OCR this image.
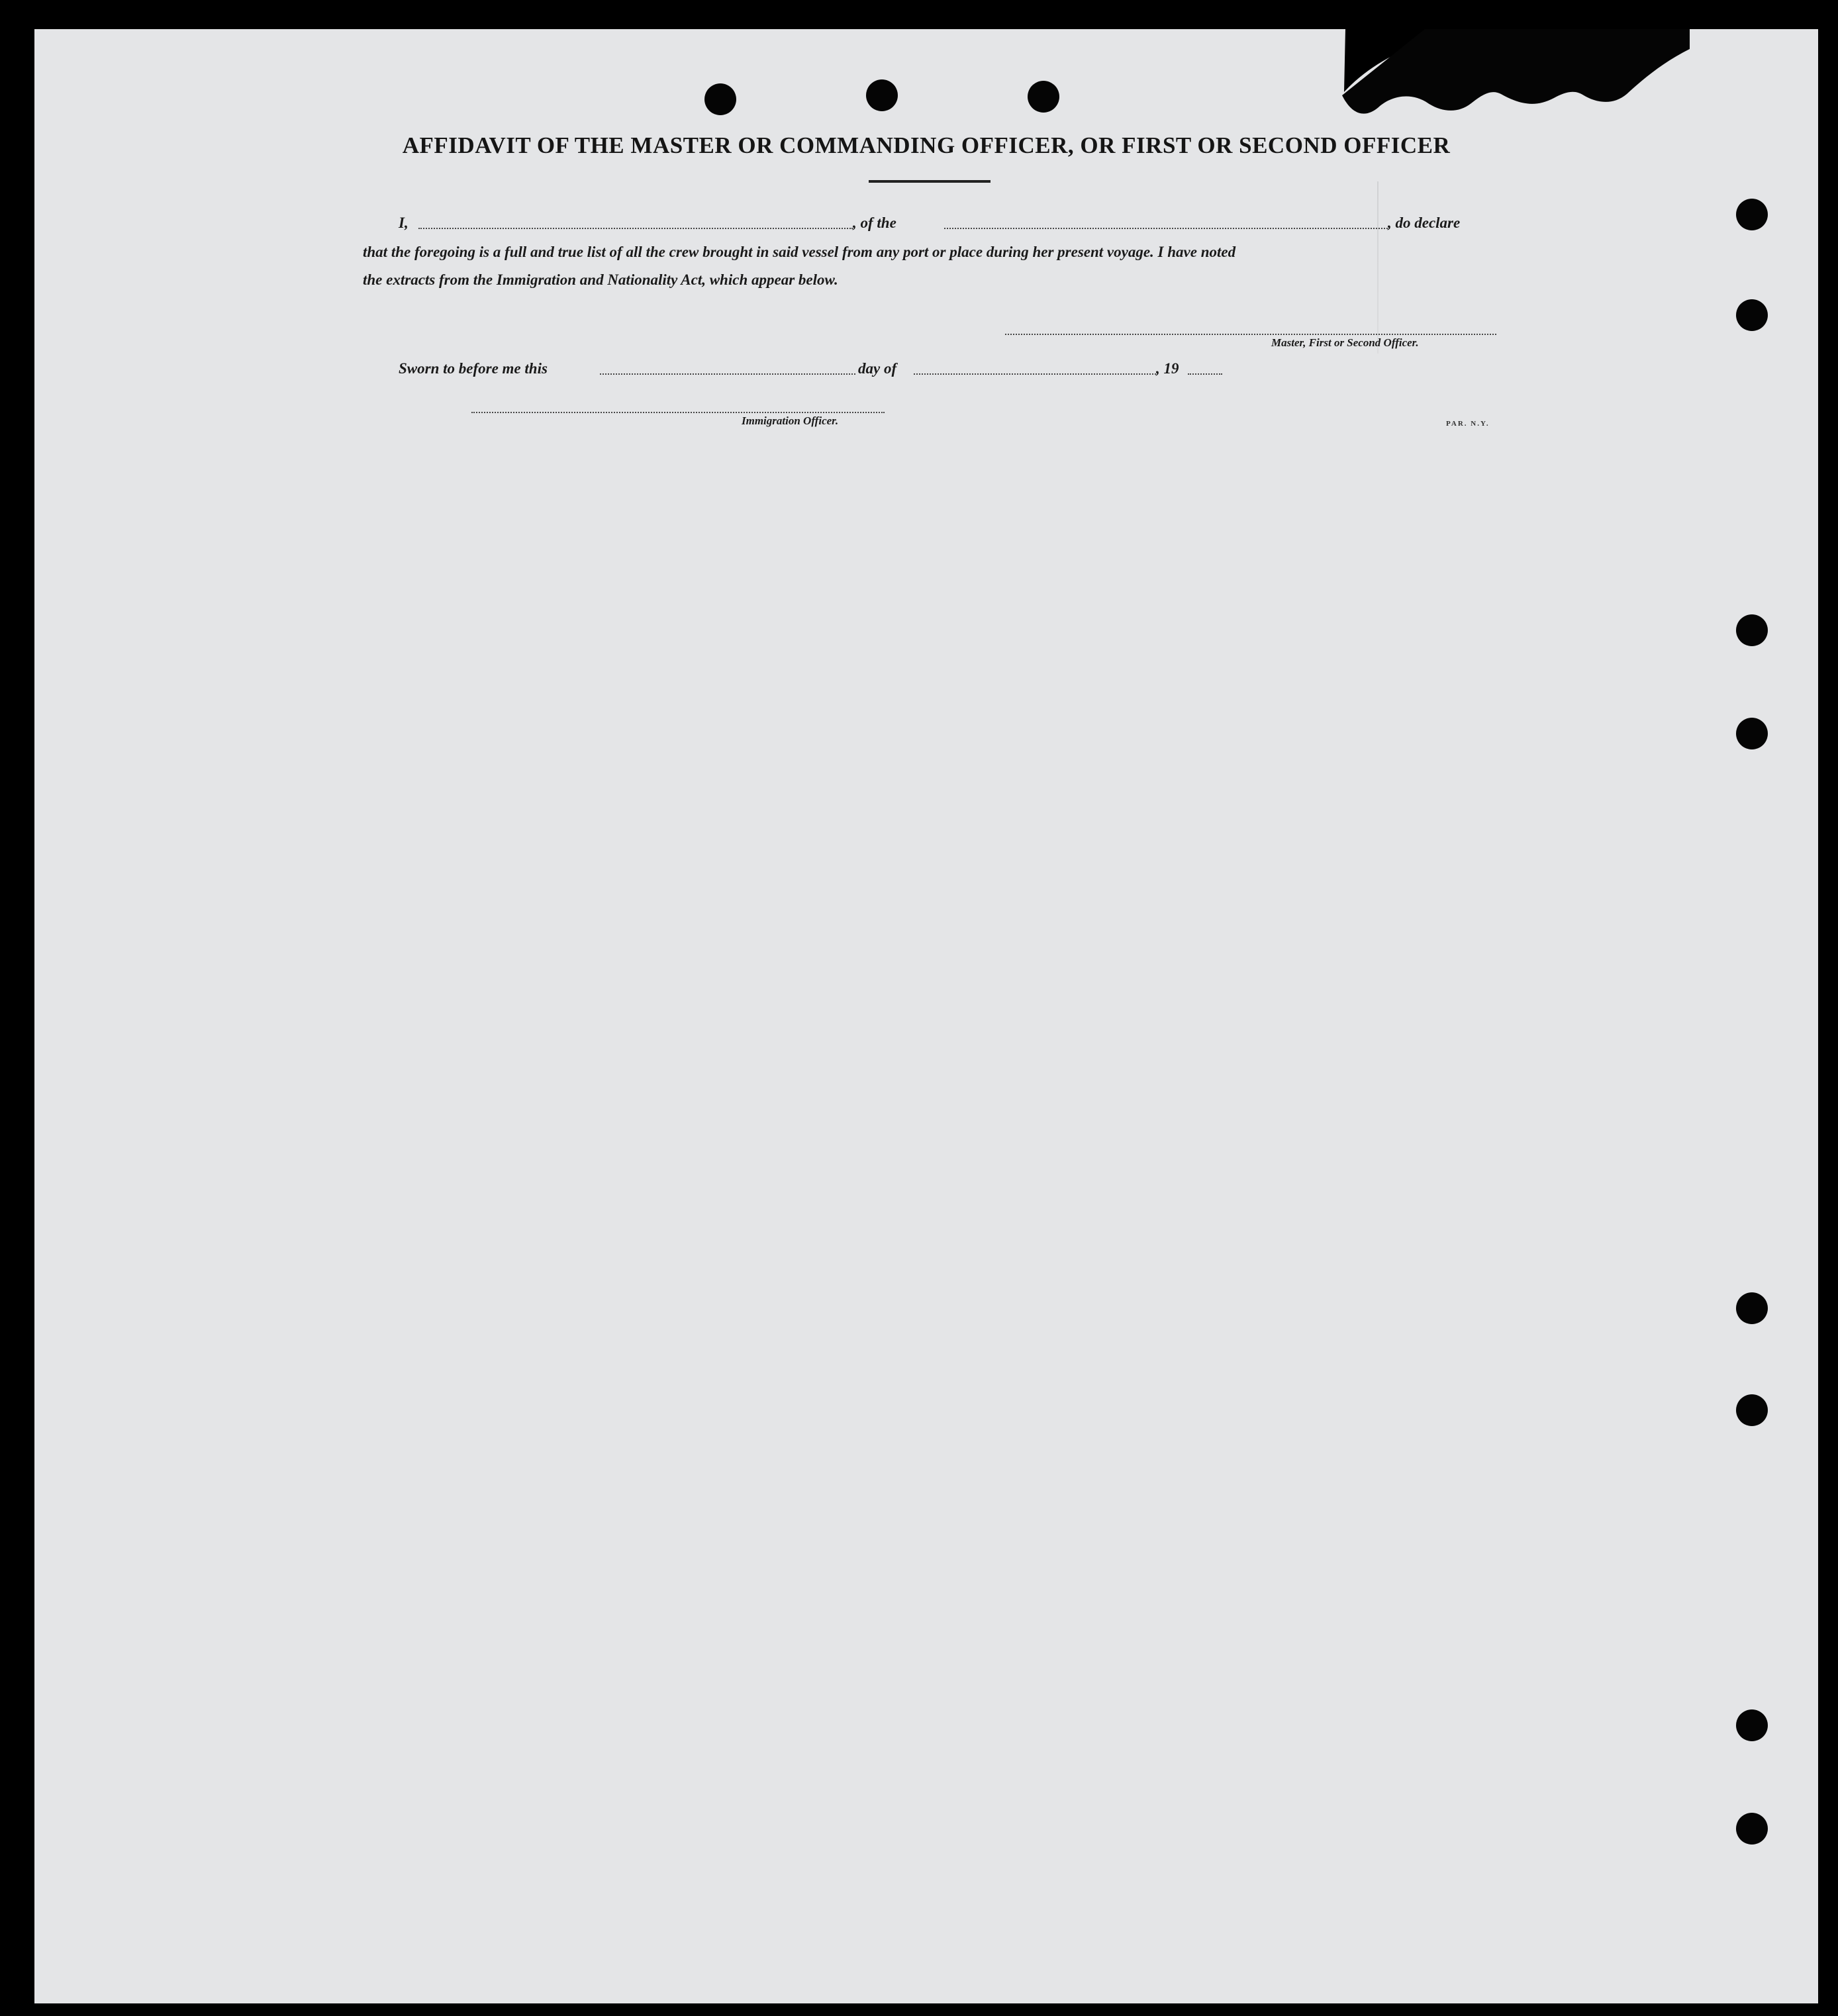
AFFIDAVIT OF THE MASTER OR COMMANDING OFFICER, OR FIRST OR SECOND OFFICER
I,	, of the	, do declare
that the foregoing is a full and true list of all the crew brought in said vessel from any port or place during her present voyage. I have noted
the extracts from the Immigration and Nationality Act, which appear below.
Master, First or Second Officer.
Sworn to before me this	day of	, 19
Immigration Officer.	PAR. N.Y.
